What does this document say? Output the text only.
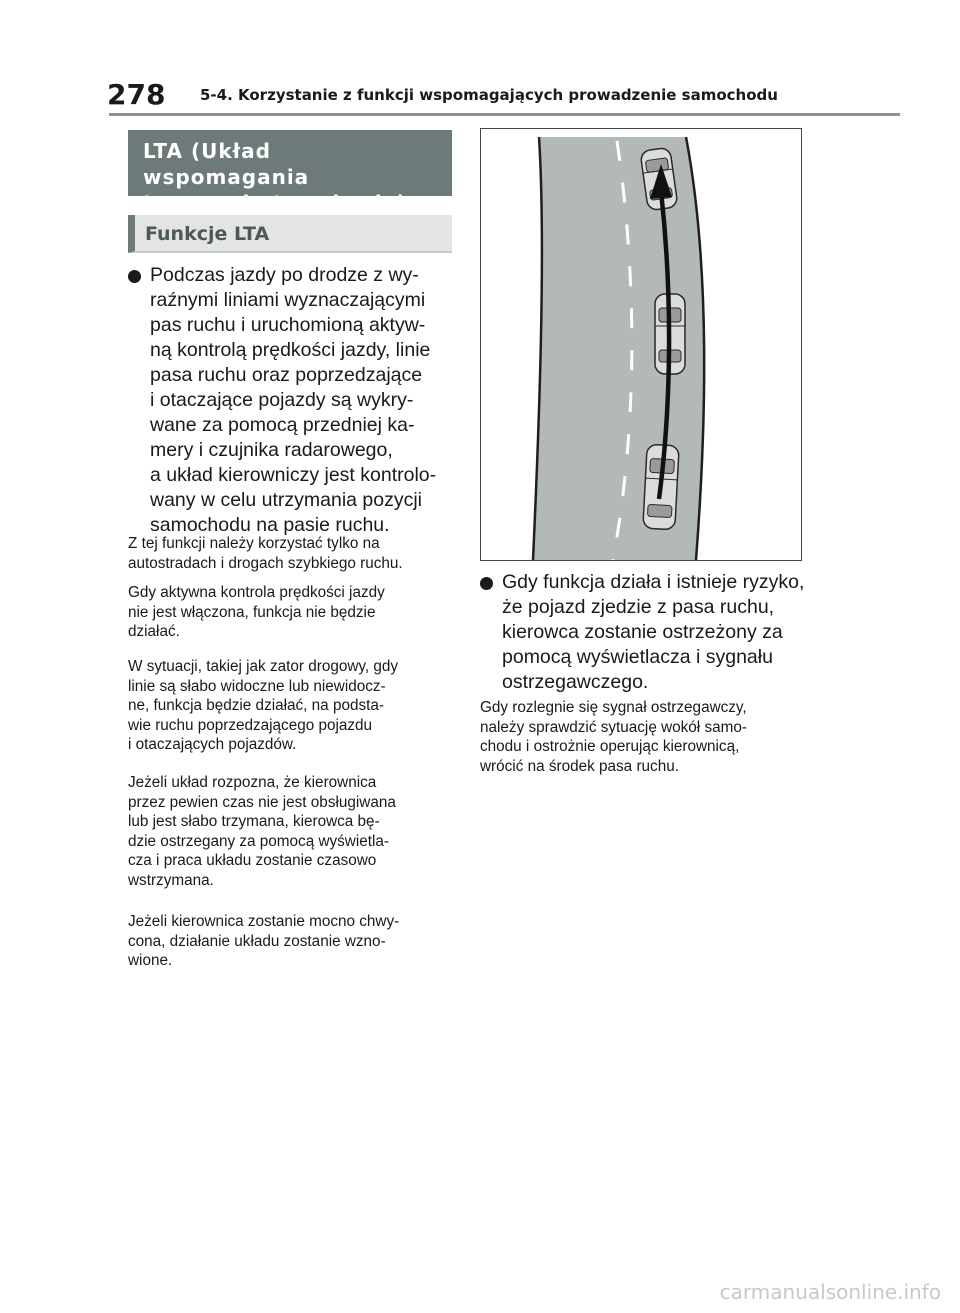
278 5-4. Korzystanie z funkcji wspomagających prowadzenie samochodu
LTA (Układ wspomagania
trzymania toru jazdy)
Funkcje LTA
Podczas jazdy po drodze z wy-
raźnymi liniami wyznaczającymi
pas ruchu i uruchomioną aktyw-
ną kontrolą prędkości jazdy, linie
pasa ruchu oraz poprzedzające
i otaczające pojazdy są wykry-
wane za pomocą przedniej ka-
mery i czujnika radarowego,
a układ kierowniczy jest kontrolo-
wany w celu utrzymania pozycji
samochodu na pasie ruchu.
Z tej funkcji należy korzystać tylko na
autostradach i drogach szybkiego ruchu.
Gdy aktywna kontrola prędkości jazdy
nie jest włączona, funkcja nie będzie
działać.
W sytuacji, takiej jak zator drogowy, gdy
linie są słabo widoczne lub niewidocz-
ne, funkcja będzie działać, na podsta-
wie ruchu poprzedzającego pojazdu
i otaczających pojazdów.
Jeżeli układ rozpozna, że kierownica
przez pewien czas nie jest obsługiwana
lub jest słabo trzymana, kierowca bę-
dzie ostrzegany za pomocą wyświetla-
cza i praca układu zostanie czasowo
wstrzymana.
Jeżeli kierownica zostanie mocno chwy-
cona, działanie układu zostanie wzno-
wione.
Gdy funkcja działa i istnieje ryzyko,
że pojazd zjedzie z pasa ruchu,
kierowca zostanie ostrzeżony za
pomocą wyświetlacza i sygnału
ostrzegawczego.
Gdy rozlegnie się sygnał ostrzegawczy,
należy sprawdzić sytuację wokół samo-
chodu i ostrożnie operując kierownicą,
wrócić na środek pasa ruchu.
carmanualsonline.info
